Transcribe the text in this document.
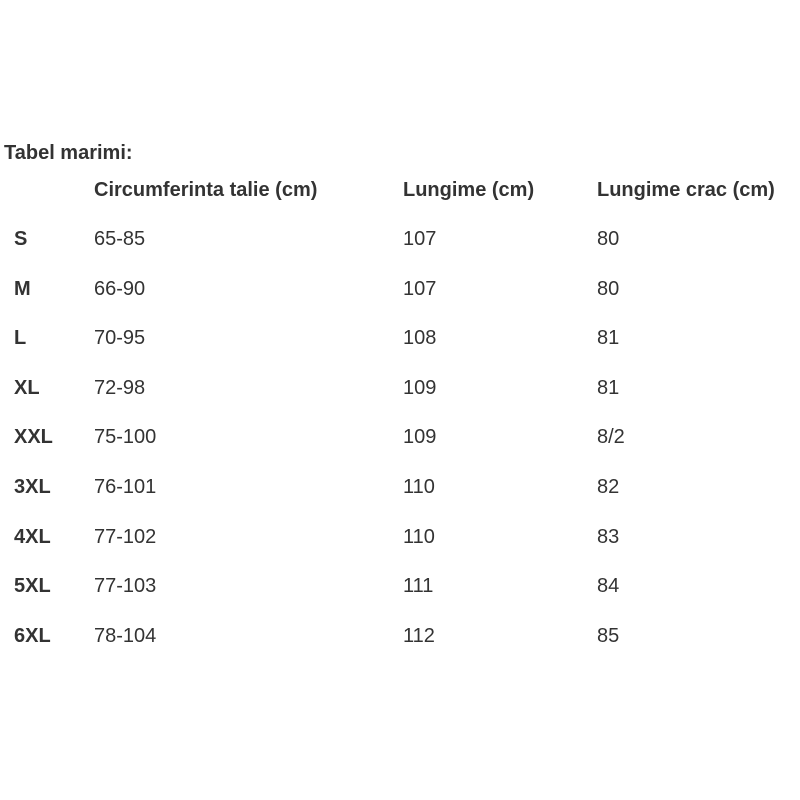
Tabel marimi:
Circumferinta talie (cm)	Lungime (cm)	Lungime crac (cm)
S	65-85	107	80
M	66-90	107	80
L	70-95	108	81
XL	72-98	109	81
XXL 75-100	109	8/2
3XL 76-101	110	82
4XL 77-102	110	83
5XL 77-103	111	84
6XL 78-104	112	85
